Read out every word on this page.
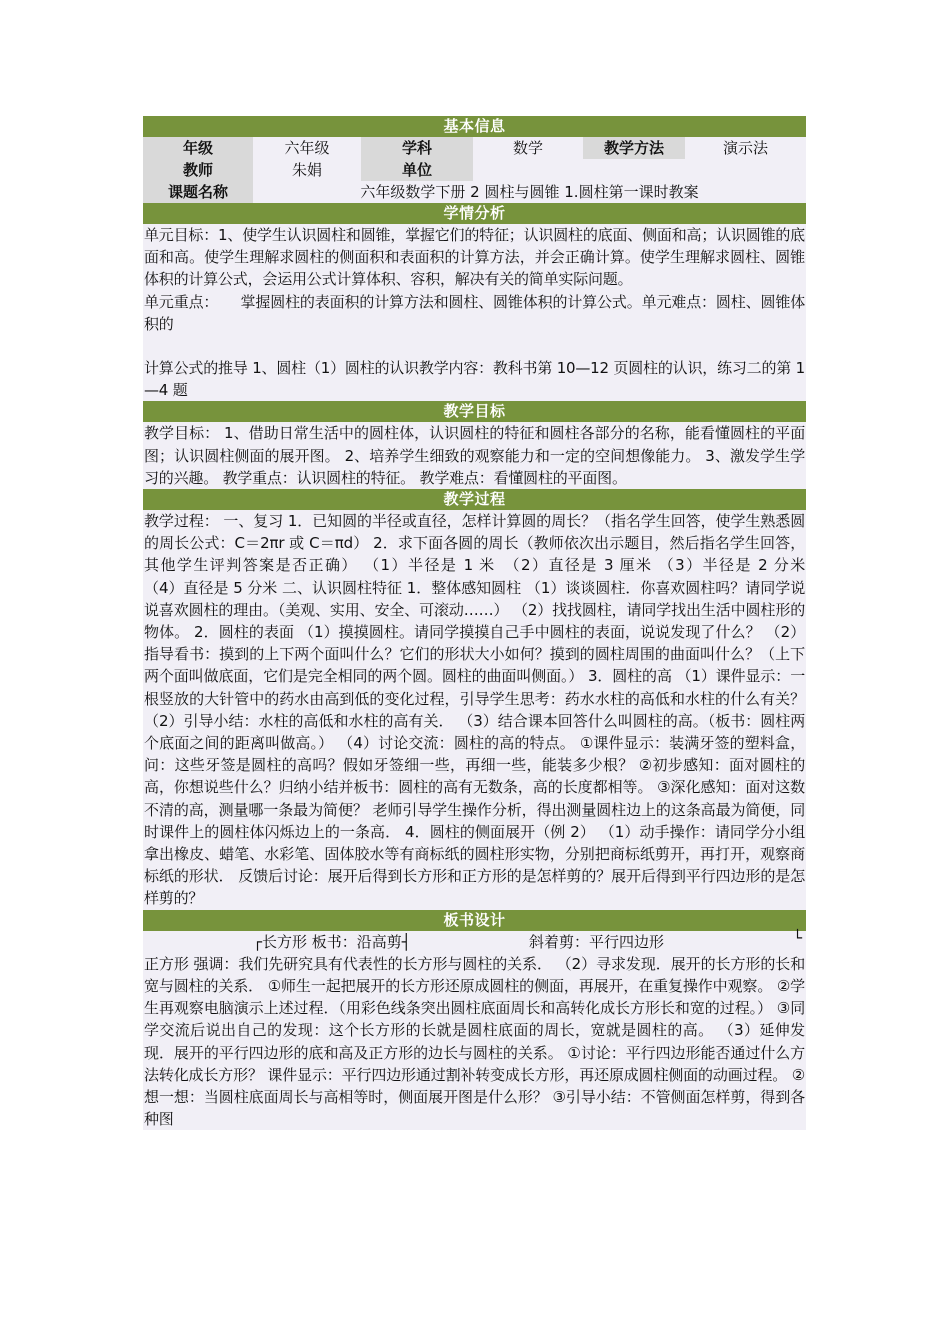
基本信息
年级	六年级	学科	数学	教学方法	演示法
教师	朱娟	单位
课题名称	六年级数学下册 2 圆柱与圆锥 1.圆柱第一课时教案
学情分析

单元目标：1、使学生认识圆柱和圆锥，掌握它们的特征；认识圆柱的底面、侧面和高；认识圆锥的底面和高。使学生理解求圆柱的侧面积和表面积的计算方法，并会正确计算。使学生理解求圆柱、圆锥体积的计算公式，会运用公式计算体积、容积，解决有关的简单实际问题。

单元重点：　　掌握圆柱的表面积的计算方法和圆柱、圆锥体积的计算公式。单元难点：圆柱、圆锥体积的

计算公式的推导 1、圆柱（1）圆柱的认识教学内容：教科书第 10—12 页圆柱的认识，练习二的第 1—4 题

教学目标

教学目标： 1、借助日常生活中的圆柱体，认识圆柱的特征和圆柱各部分的名称，能看懂圆柱的平面图；认识圆柱侧面的展开图。 2、培养学生细致的观察能力和一定的空间想像能力。 3、激发学生学习的兴趣。 教学重点：认识圆柱的特征。 教学难点：看懂圆柱的平面图。

教学过程

教学过程： 一、复习 1．已知圆的半径或直径，怎样计算圆的周长？（指名学生回答，使学生熟悉圆的周长公式：C＝2πr 或 C＝πd） 2．求下面各圆的周长（教师依次出示题目，然后指名学生回答，其他学生评判答案是否正确） （1）半径是 1 米　（2）直径是 3 厘米 （3）半径是 2 分米　　　　　　（4）直径是 5 分米 二、认识圆柱特征 1．整体感知圆柱 （1）谈谈圆柱．你喜欢圆柱吗？请同学说说喜欢圆柱的理由。（美观、实用、安全、可滚动……） （2）找找圆柱，请同学找出生活中圆柱形的物体。 2．圆柱的表面 （1）摸摸圆柱。请同学摸摸自己手中圆柱的表面，说说发现了什么？ （2）指导看书：摸到的上下两个面叫什么？它们的形状大小如何？摸到的圆柱周围的曲面叫什么？（上下两个面叫做底面，它们是完全相同的两个圆。圆柱的曲面叫侧面。） 3．圆柱的高 （1）课件显示：一根竖放的大针管中的药水由高到低的变化过程，引导学生思考：药水水柱的高低和水柱的什么有关？ （2）引导小结：水柱的高低和水柱的高有关． （3）结合课本回答什么叫圆柱的高。（板书：圆柱两个底面之间的距离叫做高。） （4）讨论交流：圆柱的高的特点。 ①课件显示：装满牙签的塑料盒，问：这些牙签是圆柱的高吗？假如牙签细一些，再细一些，能装多少根？ ②初步感知：面对圆柱的高，你想说些什么？归纳小结并板书：圆柱的高有无数条，高的长度都相等。 ③深化感知：面对这数不清的高，测量哪一条最为简便？ 老师引导学生操作分析，得出测量圆柱边上的这条高最为简便，同时课件上的圆柱体闪烁边上的一条高． 4．圆柱的侧面展开（例 2） （1）动手操作：请同学分小组拿出橡皮、蜡笔、水彩笔、固体胶水等有商标纸的圆柱形实物，分别把商标纸剪开，再打开，观察商标纸的形状． 反馈后讨论：展开后得到长方形和正方形的是怎样剪的？展开后得到平行四边形的是怎样剪的？

板书设计
┌长方形 板书：沿高剪┤	斜着剪：平行四边形	└

正方形 强调：我们先研究具有代表性的长方形与圆柱的关系． （2）寻求发现．展开的长方形的长和宽与圆柱的关系． ①师生一起把展开的长方形还原成圆柱的侧面，再展开，在重复操作中观察。 ②学生再观察电脑演示上述过程．（用彩色线条突出圆柱底面周长和高转化成长方形长和宽的过程。） ③同学交流后说出自己的发现：这个长方形的长就是圆柱底面的周长，宽就是圆柱的高。 （3）延伸发现．展开的平行四边形的底和高及正方形的边长与圆柱的关系。 ①讨论：平行四边形能否通过什么方法转化成长方形？ 课件显示：平行四边形通过割补转变成长方形，再还原成圆柱侧面的动画过程。 ②想一想：当圆柱底面周长与高相等时，侧面展开图是什么形？ ③引导小结：不管侧面怎样剪，得到各种图
